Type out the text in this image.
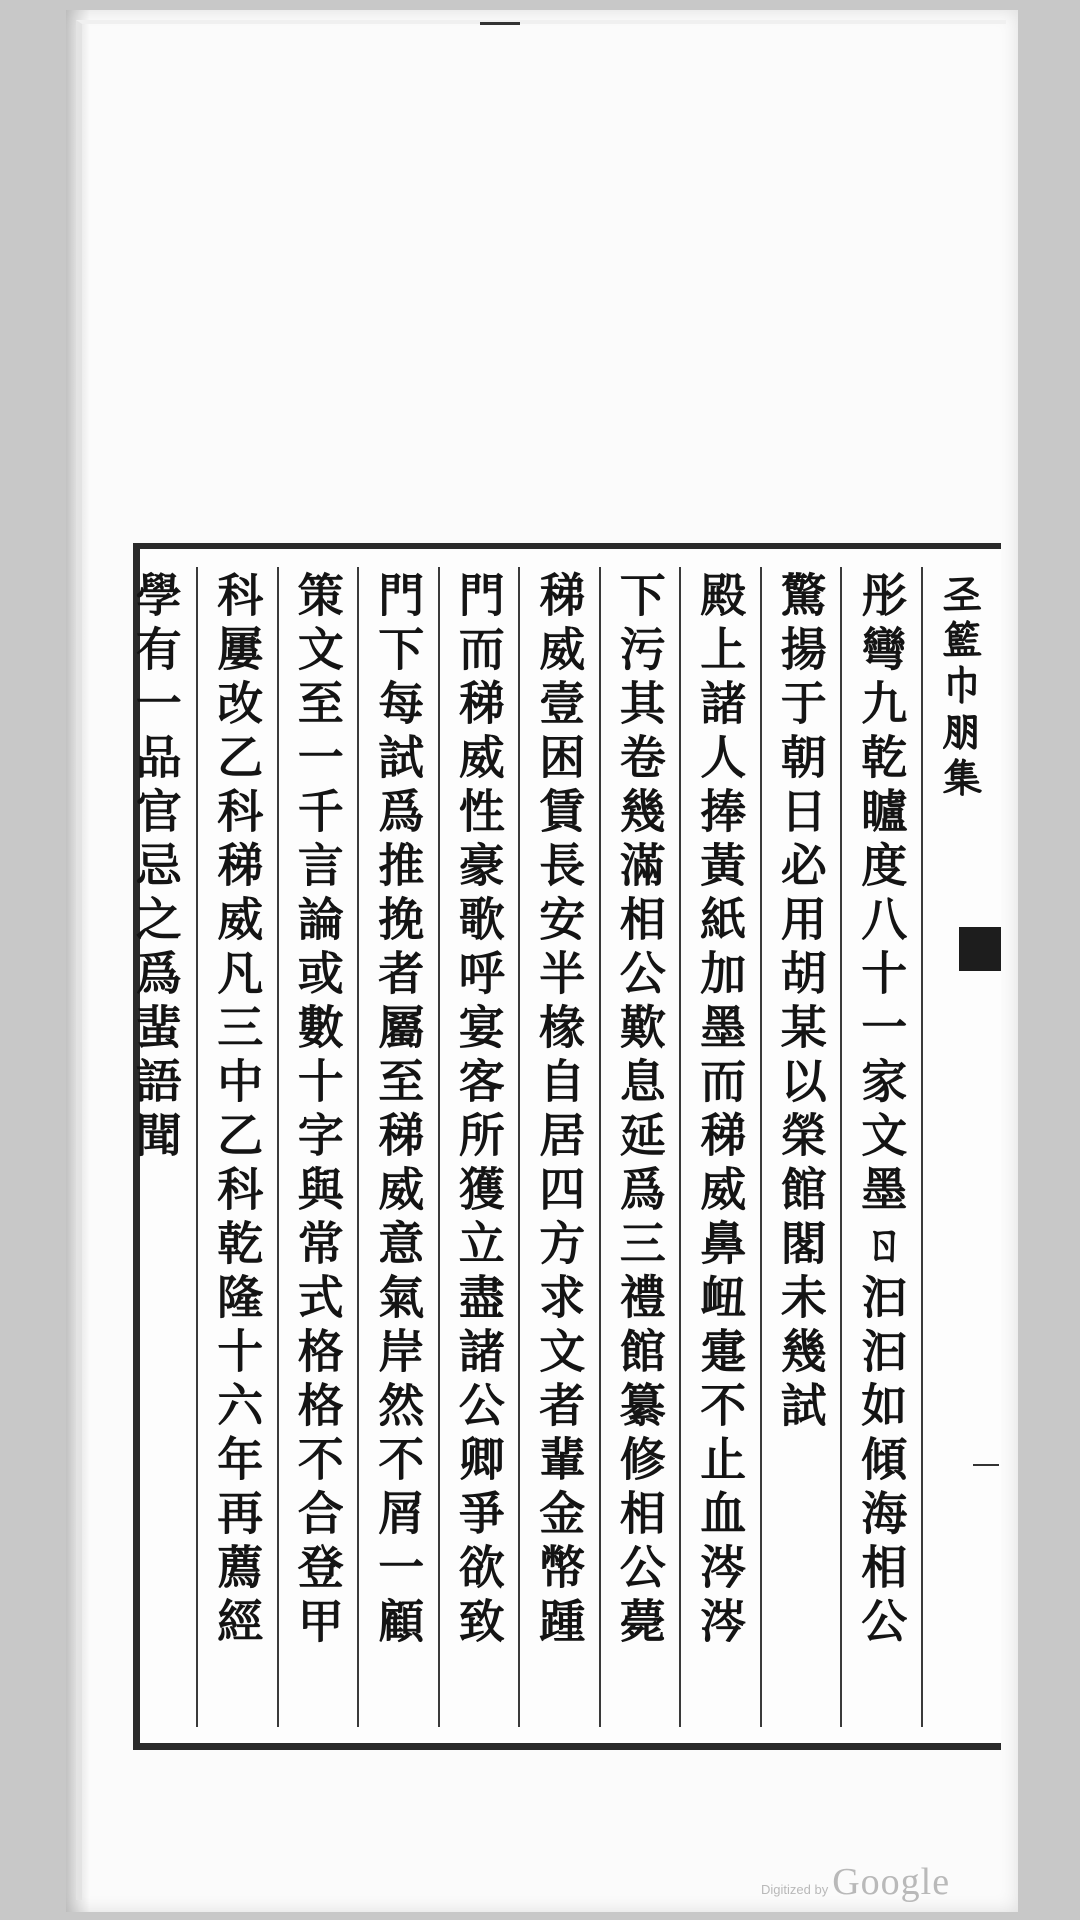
𢀖籃巾朋集
彤彎九乾矑度八十一家文墨ㄖ汩汩如傾海相公
驚揚于朝日必用胡某以榮館閣未幾試
殿上諸人捧黃紙加墨而稊威鼻衄疐不止血涔涔
下污其卷幾滿相公歎息延爲三禮館纂修相公薨
稊威壹困賃長安半椽自居四方求文者輩金幣踵
門而稊威性豪歌呼宴客所獲立盡諸公卿爭欲致
門下每試爲推挽者屬至稊威意氣岸然不屑一顧
策文至一千言論或數十字與常式格格不合登甲
科屢改乙科稊威凡三中乙科乾隆十六年再薦經
學有一品官忌之爲蜚語聞
Digitized by Google
